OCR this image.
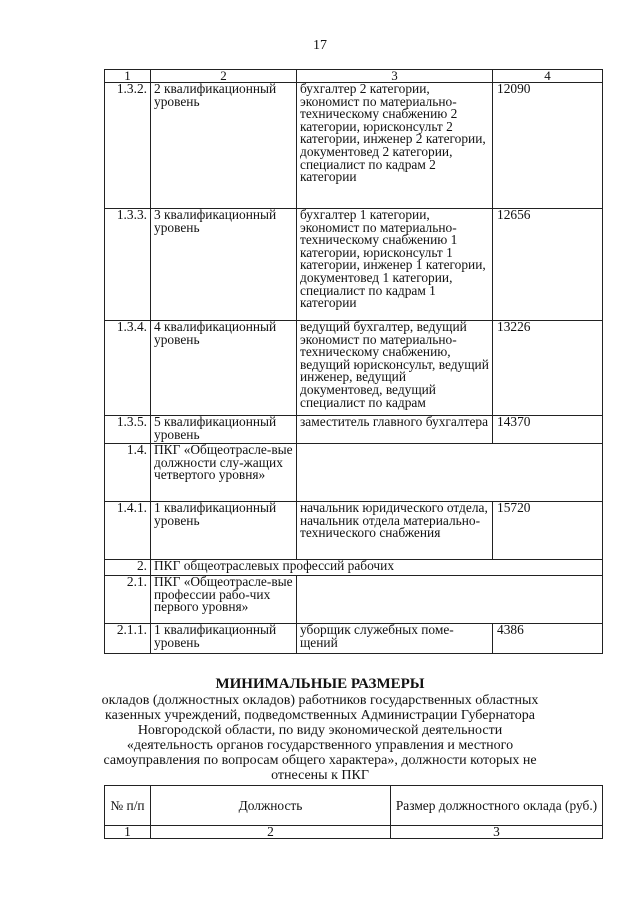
17
1	2	3	4
1.3.2.	2 квалификационный уровень	бухгалтер 2 категории, экономист по материально-техническому снабжению 2 категории, юрисконсульт 2 категории, инженер 2 категории, документовед 2 категории, специалист по кадрам 2 категории	12090
1.3.3.	3 квалификационный уровень	бухгалтер 1 категории, экономист по материально-техническому снабжению 1 категории, юрисконсульт 1 категории, инженер 1 категории, документовед 1 категории, специалист по кадрам 1 категории	12656
1.3.4.	4 квалификационный уровень	ведущий бухгалтер, ведущий экономист по материально-техническому снабжению, ведущий юрисконсульт, ведущий инженер, ведущий документовед, ведущий специалист по кадрам	13226
1.3.5.	5 квалификационный уровень	заместитель главного бухгалтера	14370
1.4.	ПКГ «Общеотрасле-вые должности слу-жащих четвертого уровня»		
1.4.1.	1 квалификационный уровень	начальник юридического отдела, начальник отдела материально-технического снабжения	15720
2.	ПКГ общеотраслевых профессий рабочих		
2.1.	ПКГ «Общеотрасле-вые профессии рабо-чих первого уровня»		
2.1.1.	1 квалификационный уровень	уборщик служебных поме-щений	4386
МИНИМАЛЬНЫЕ РАЗМЕРЫ
окладов (должностных окладов) работников государственных областных казенных учреждений, подведомственных Администрации Губернатора Новгородской области, по виду экономической деятельности «деятельность органов государственного управления и местного самоуправления по вопросам общего характера», должности которых не отнесены к ПКГ
№ п/п	Должность	Размер должностного оклада (руб.)
1	2	3
